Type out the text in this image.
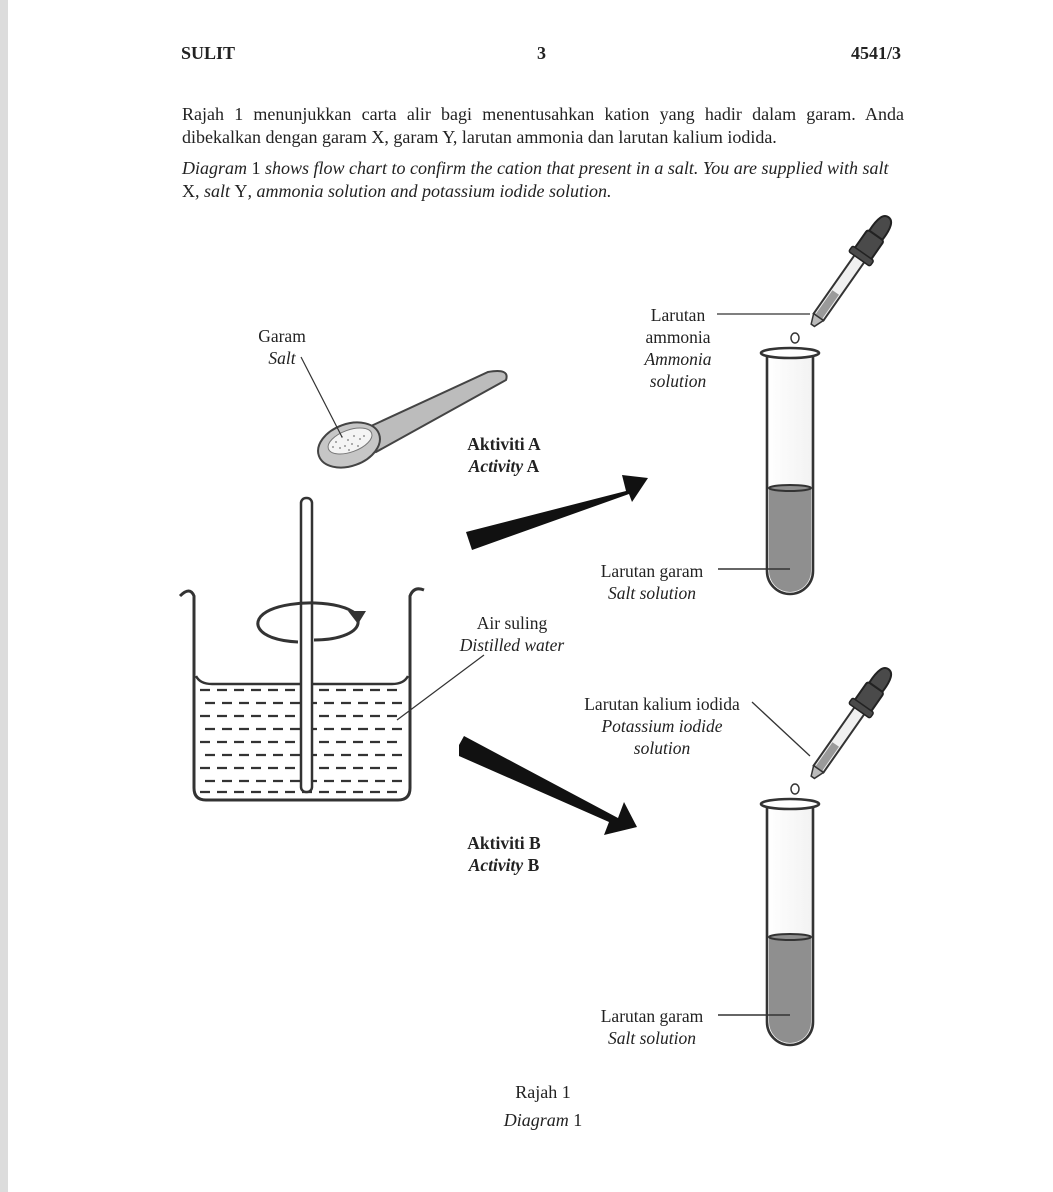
SULIT	3	4541/3
Rajah 1 menunjukkan carta alir bagi menentusahkan kation yang hadir dalam garam. Anda dibekalkan dengan garam X, garam Y, larutan ammonia dan larutan kalium iodida.
Diagram 1 shows flow chart to confirm the cation that present in a salt. You are supplied with salt X, salt Y, ammonia solution and potassium iodide solution.
Garam
Salt
Larutan
ammonia
Ammonia
solution
Aktiviti A
Activity A
Larutan garam
Salt solution
Air suling
Distilled water
Larutan kalium iodida
Potassium iodide
solution
Aktiviti B
Activity B
Larutan garam
Salt solution
Rajah 1
Diagram 1
